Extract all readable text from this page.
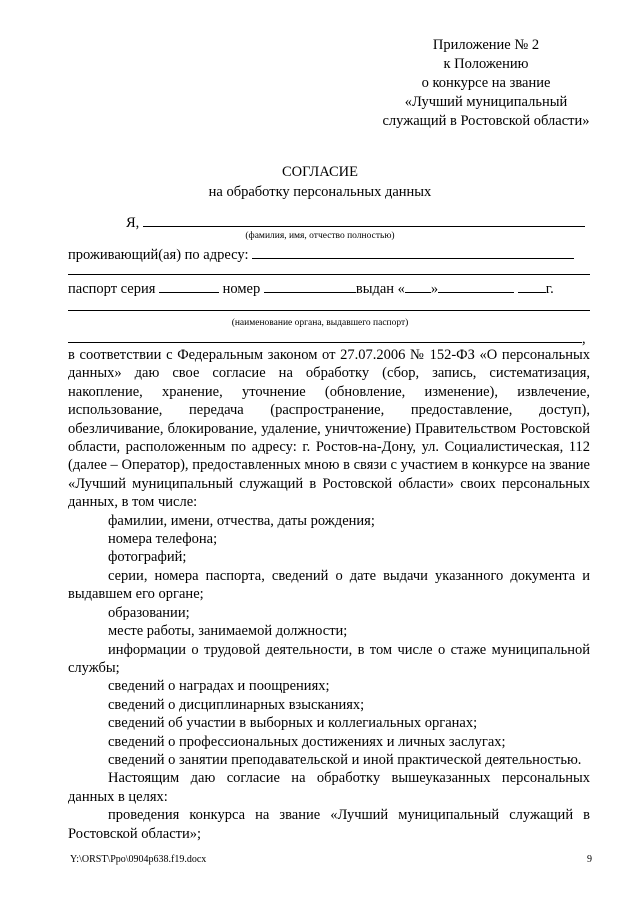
Приложение № 2
к Положению
о конкурсе на звание
«Лучший муниципальный
служащий в Ростовской области»
СОГЛАСИЕ
на обработку персональных данных
Я,
(фамилия, имя, отчество полностью)
проживающий(ая) по адресу:
паспорт серия	номер	выдан « »	г.
(наименование органа, выдавшего паспорт)
,

в соответствии с Федеральным законом от 27.07.2006 № 152-ФЗ «О персональных данных» даю свое согласие на обработку (сбор, запись, систематизация, накопление, хранение, уточнение (обновление, изменение), извлечение, использование, передача (распространение, предоставление, доступ), обезличивание, блокирование, удаление, уничтожение) Правительством Ростовской области, расположенным по адресу: г. Ростов-на-Дону, ул. Социалистическая, 112 (далее – Оператор), предоставленных мною в связи с участием в конкурсе на звание «Лучший муниципальный служащий в Ростовской области» своих персональных данных, в том числе:

фамилии, имени, отчества, даты рождения;

номера телефона;

фотографий;

серии, номера паспорта, сведений о дате выдачи указанного документа и выдавшем его органе;

образовании;

месте работы, занимаемой должности;

информации о трудовой деятельности, в том числе о стаже муниципальной службы;

сведений о наградах и поощрениях;

сведений о дисциплинарных взысканиях;

сведений об участии в выборных и коллегиальных органах;

сведений о профессиональных достижениях и личных заслугах;

сведений о занятии преподавательской и иной практической деятельностью.

Настоящим даю согласие на обработку вышеуказанных персональных данных в целях:

проведения конкурса на звание «Лучший муниципальный служащий в Ростовской области»;

Y:\ORST\Ppo\0904p638.f19.docx	9
